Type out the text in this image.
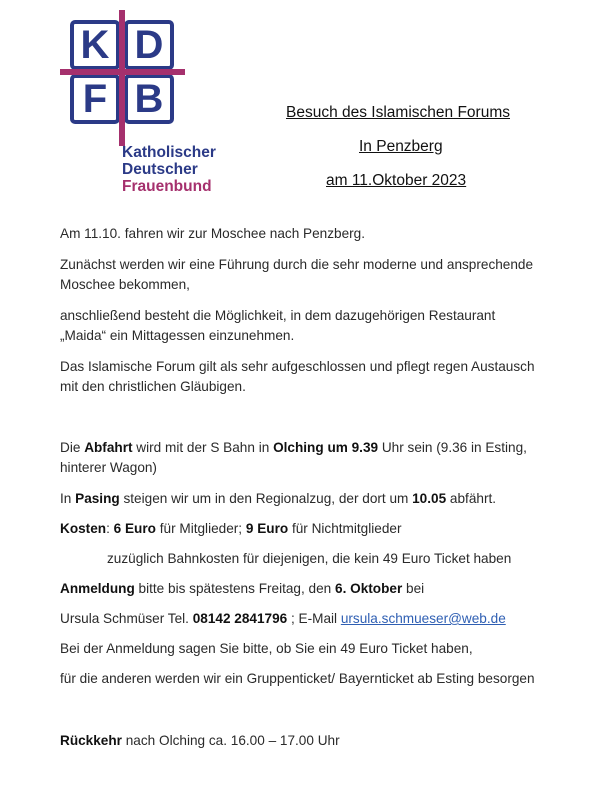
K D
F B
Katholischer
Deutscher
Frauenbund
Besuch des Islamischen Forums
In Penzberg
am 11.Oktober 2023
Am 11.10. fahren wir zur Moschee nach Penzberg.
Zunächst werden wir eine Führung durch die sehr moderne und ansprechende
Moschee bekommen,
anschließend besteht die Möglichkeit, in dem dazugehörigen Restaurant
„Maida“ ein Mittagessen einzunehmen.
Das Islamische Forum gilt als sehr aufgeschlossen und pflegt regen Austausch
mit den christlichen Gläubigen.
Die Abfahrt wird mit der S Bahn in Olching um 9.39 Uhr sein (9.36 in Esting,
hinterer Wagon)
In Pasing steigen wir um in den Regionalzug, der dort um 10.05 abfährt.
Kosten: 6 Euro für Mitglieder; 9 Euro für Nichtmitglieder
zuzüglich Bahnkosten für diejenigen, die kein 49 Euro Ticket haben
Anmeldung bitte bis spätestens Freitag, den 6. Oktober bei
Ursula Schmüser Tel. 08142 2841796 ; E-Mail ursula.schmueser@web.de
Bei der Anmeldung sagen Sie bitte, ob Sie ein 49 Euro Ticket haben,
für die anderen werden wir ein Gruppenticket/ Bayernticket ab Esting besorgen
Rückkehr nach Olching ca. 16.00 – 17.00 Uhr
